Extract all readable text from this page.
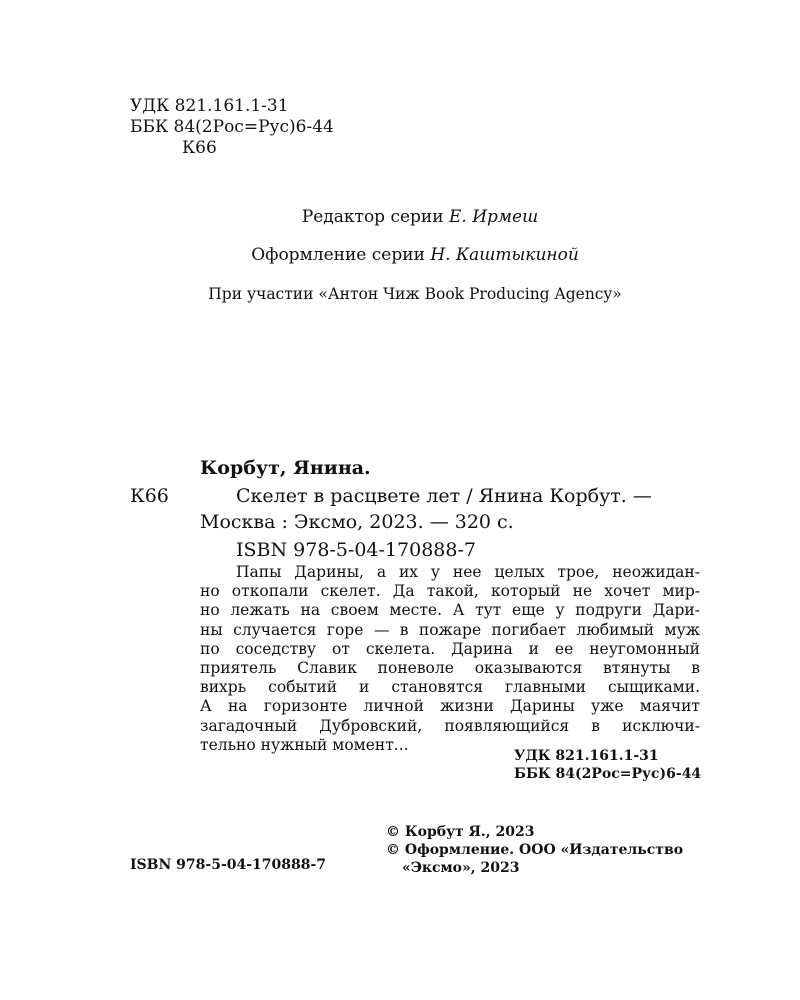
УДК 821.161.1-31
ББК 84(2Рос=Рус)6-44
К66
Редактор серии Е. Ирмеш
Оформление серии Н. Каштыкиной
При участии «Антон Чиж Book Producing Agency»
Корбут, Янина.
К66	Скелет в расцвете лет / Янина Корбут. —
Москва : Эксмо, 2023. — 320 с.
ISBN 978-5-04-170888-7
Папы Дарины, а их у нее целых трое, неожидан-
но откопали скелет. Да такой, который не хочет мир-
но лежать на своем месте. А тут еще у подруги Дари-
ны случается горе — в пожаре погибает любимый муж
по соседству от скелета. Дарина и ее неугомонный
приятель Славик поневоле оказываются втянуты в
вихрь событий и становятся главными сыщиками.
А на горизонте личной жизни Дарины уже маячит
загадочный Дубровский, появляющийся в исключи-
тельно нужный момент...
УДК 821.161.1-31
ББК 84(2Рос=Рус)6-44
© Корбут Я., 2023
© Оформление. ООО «Издательство
«Эксмо», 2023
ISBN 978-5-04-170888-7
